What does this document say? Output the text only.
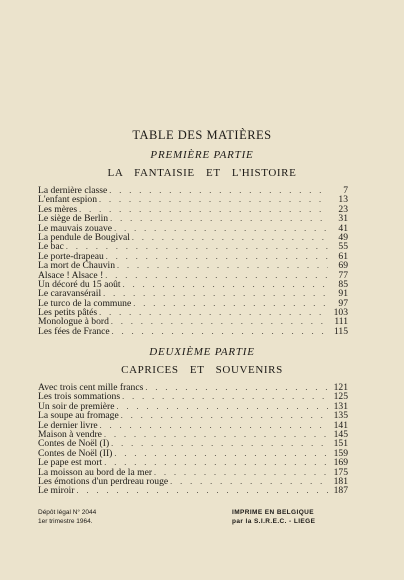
TABLE DES MATIÈRES
PREMIÈRE PARTIE
LA FANTAISIE ET L'HISTOIRE
La dernière classe . . .	7
L'enfant espion . . .	13
Les mères . . .	23
Le siège de Berlin . . .	31
Le mauvais zouave . . .	41
La pendule de Bougival . . .	49
Le bac . . .	55
Le porte-drapeau . . .	61
La mort de Chauvin . . .	69
Alsace ! Alsace ! . . .	77
Un décoré du 15 août . . .	85
Le caravansérail . . .	91
Le turco de la commune . . .	97
Les petits pâtés . . .	103
Monologue à bord . . .	111
Les fées de France . . .	115
DEUXIÈME PARTIE
CAPRICES ET SOUVENIRS
Avec trois cent mille francs . . .	121
Les trois sommations . . .	125
Un soir de première . . .	131
La soupe au fromage . . .	135
Le dernier livre . . .	141
Maison à vendre . . .	145
Contes de Noël (I) . . .	151
Contes de Noël (II) . . .	159
Le pape est mort . . .	169
La moisson au bord de la mer . . .	175
Les émotions d'un perdreau rouge . . .	181
Le miroir . . .	187
Dépôt légal N° 2044
1er trimestre 1964.
IMPRIME EN BELGIQUE
par la S.I.R.E.C. - LIEGE
